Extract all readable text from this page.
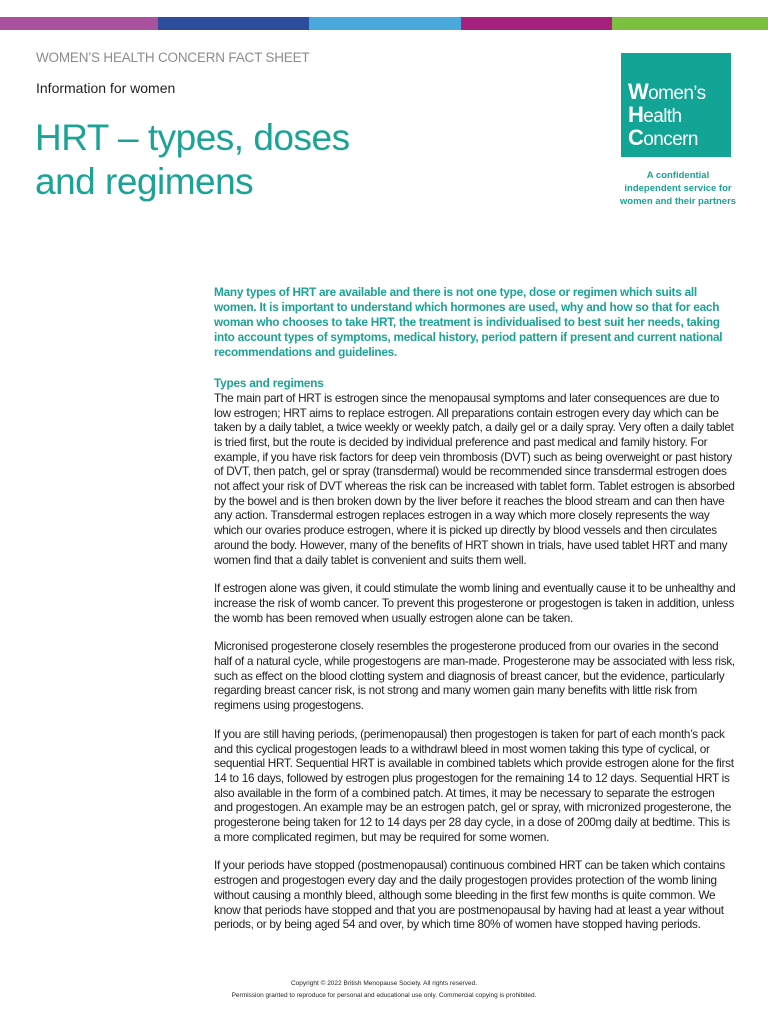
WOMEN’S HEALTH CONCERN FACT SHEET
Information for women
HRT – types, doses
and regimens
Women’s
Health
Concern
A confidential
independent service for
women and their partners

Many types of HRT are available and there is not one type, dose or regimen which suits all women. It is important to understand which hormones are used, why and how so that for each woman who chooses to take HRT, the treatment is individualised to best suit her needs, taking into account types of symptoms, medical history, period pattern if present and current national recommendations and guidelines.

Types and regimens

The main part of HRT is estrogen since the menopausal symptoms and later consequences are due to low estrogen; HRT aims to replace estrogen. All preparations contain estrogen every day which can be taken by a daily tablet, a twice weekly or weekly patch, a daily gel or a daily spray. Very often a daily tablet is tried first, but the route is decided by individual preference and past medical and family history. For example, if you have risk factors for deep vein thrombosis (DVT) such as being overweight or past history of DVT, then patch, gel or spray (transdermal) would be recommended since transdermal estrogen does not affect your risk of DVT whereas the risk can be increased with tablet form. Tablet estrogen is absorbed by the bowel and is then broken down by the liver before it reaches the blood stream and can then have any action. Transdermal estrogen replaces estrogen in a way which more closely represents the way which our ovaries produce estrogen, where it is picked up directly by blood vessels and then circulates around the body. However, many of the benefits of HRT shown in trials, have used tablet HRT and many women find that a daily tablet is convenient and suits them well.

If estrogen alone was given, it could stimulate the womb lining and eventually cause it to be unhealthy and increase the risk of womb cancer. To prevent this progesterone or progestogen is taken in addition, unless the womb has been removed when usually estrogen alone can be taken.

Micronised progesterone closely resembles the progesterone produced from our ovaries in the second half of a natural cycle, while progestogens are man-made. Progesterone may be associated with less risk, such as effect on the blood clotting system and diagnosis of breast cancer, but the evidence, particularly regarding breast cancer risk, is not strong and many women gain many benefits with little risk from regimens using progestogens.

If you are still having periods, (perimenopausal) then progestogen is taken for part of each month’s pack and this cyclical progestogen leads to a withdrawl bleed in most women taking this type of cyclical, or sequential HRT. Sequential HRT is available in combined tablets which provide estrogen alone for the first 14 to 16 days, followed by estrogen plus progestogen for the remaining 14 to 12 days. Sequential HRT is also available in the form of a combined patch. At times, it may be necessary to separate the estrogen and progestogen. An example may be an estrogen patch, gel or spray, with micronized progesterone, the progesterone being taken for 12 to 14 days per 28 day cycle, in a dose of 200mg daily at bedtime. This is a more complicated regimen, but may be required for some women.

If your periods have stopped (postmenopausal) continuous combined HRT can be taken which contains estrogen and progestogen every day and the daily progestogen provides protection of the womb lining without causing a monthly bleed, although some bleeding in the first few months is quite common. We know that periods have stopped and that you are postmenopausal by having had at least a year without periods, or by being aged 54 and over, by which time 80% of women have stopped having periods.

Copyright © 2022 British Menopause Society. All rights reserved.
Permission granted to reproduce for personal and educational use only. Commercial copying is prohibited.
